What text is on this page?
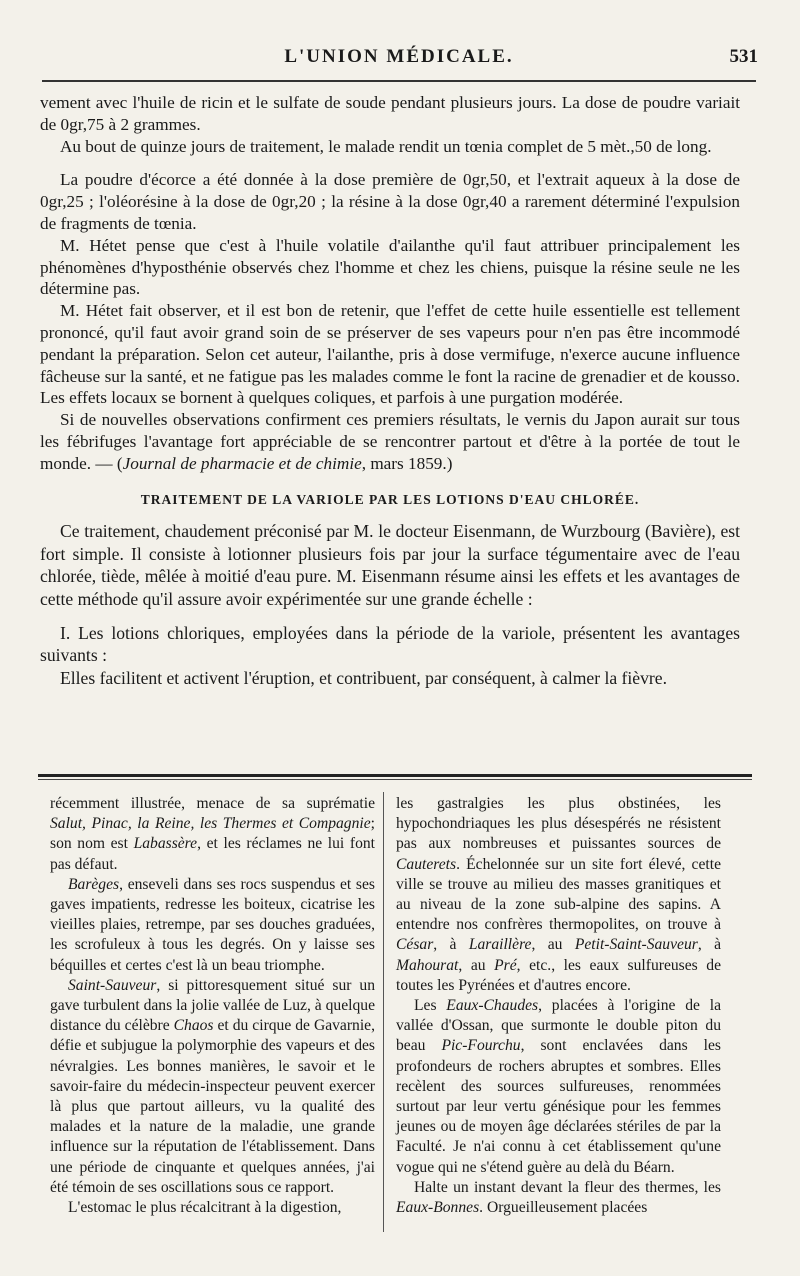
L'UNION MÉDICALE.	531

vement avec l'huile de ricin et le sulfate de soude pendant plusieurs jours. La dose de poudre variait de 0gr,75 à 2 grammes.

Au bout de quinze jours de traitement, le malade rendit un tœnia complet de 5 mèt.,50 de long.

La poudre d'écorce a été donnée à la dose première de 0gr,50, et l'extrait aqueux à la dose de 0gr,25 ; l'oléorésine à la dose de 0gr,20 ; la résine à la dose 0gr,40 a rarement déterminé l'expulsion de fragments de tœnia.

M. Hétet pense que c'est à l'huile volatile d'ailanthe qu'il faut attribuer principalement les phénomènes d'hyposthénie observés chez l'homme et chez les chiens, puisque la résine seule ne les détermine pas.

M. Hétet fait observer, et il est bon de retenir, que l'effet de cette huile essentielle est tellement prononcé, qu'il faut avoir grand soin de se préserver de ses vapeurs pour n'en pas être incommodé pendant la préparation. Selon cet auteur, l'ailanthe, pris à dose vermifuge, n'exerce aucune influence fâcheuse sur la santé, et ne fatigue pas les malades comme le font la racine de grenadier et de kousso. Les effets locaux se bornent à quelques coliques, et parfois à une purgation modérée.

Si de nouvelles observations confirment ces premiers résultats, le vernis du Japon aurait sur tous les fébrifuges l'avantage fort appréciable de se rencontrer partout et d'être à la portée de tout le monde. — (Journal de pharmacie et de chimie, mars 1859.)

TRAITEMENT DE LA VARIOLE PAR LES LOTIONS D'EAU CHLORÉE.

Ce traitement, chaudement préconisé par M. le docteur Eisenmann, de Wurzbourg (Bavière), est fort simple. Il consiste à lotionner plusieurs fois par jour la surface tégumentaire avec de l'eau chlorée, tiède, mêlée à moitié d'eau pure. M. Eisenmann résume ainsi les effets et les avantages de cette méthode qu'il assure avoir expérimentée sur une grande échelle :

I. Les lotions chloriques, employées dans la période de la variole, présentent les avantages suivants :

Elles facilitent et activent l'éruption, et contribuent, par conséquent, à calmer la fièvre.

récemment illustrée, menace de sa suprématie Salut, Pinac, la Reine, les Thermes et Compagnie; son nom est Labassère, et les réclames ne lui font pas défaut.

Barèges, enseveli dans ses rocs suspendus et ses gaves impatients, redresse les boiteux, cicatrise les vieilles plaies, retrempe, par ses douches graduées, les scrofuleux à tous les degrés. On y laisse ses béquilles et certes c'est là un beau triomphe.

Saint-Sauveur, si pittoresquement situé sur un gave turbulent dans la jolie vallée de Luz, à quelque distance du célèbre Chaos et du cirque de Gavarnie, défie et subjugue la polymorphie des vapeurs et des névralgies. Les bonnes manières, le savoir et le savoir-faire du médecin-inspecteur peuvent exercer là plus que partout ailleurs, vu la qualité des malades et la nature de la maladie, une grande influence sur la réputation de l'établissement. Dans une période de cinquante et quelques années, j'ai été témoin de ses oscillations sous ce rapport.

L'estomac le plus récalcitrant à la digestion,

les gastralgies les plus obstinées, les hypochondriaques les plus désespérés ne résistent pas aux nombreuses et puissantes sources de Cauterets. Échelonnée sur un site fort élevé, cette ville se trouve au milieu des masses granitiques et au niveau de la zone sub-alpine des sapins. A entendre nos confrères thermopolites, on trouve à César, à Laraillère, au Petit-Saint-Sauveur, à Mahourat, au Pré, etc., les eaux sulfureuses de toutes les Pyrénées et d'autres encore.

Les Eaux-Chaudes, placées à l'origine de la vallée d'Ossan, que surmonte le double piton du beau Pic-Fourchu, sont enclavées dans les profondeurs de rochers abruptes et sombres. Elles recèlent des sources sulfureuses, renommées surtout par leur vertu génésique pour les femmes jeunes ou de moyen âge déclarées stériles de par la Faculté. Je n'ai connu à cet établissement qu'une vogue qui ne s'étend guère au delà du Béarn.

Halte un instant devant la fleur des thermes, les Eaux-Bonnes. Orgueilleusement placées
